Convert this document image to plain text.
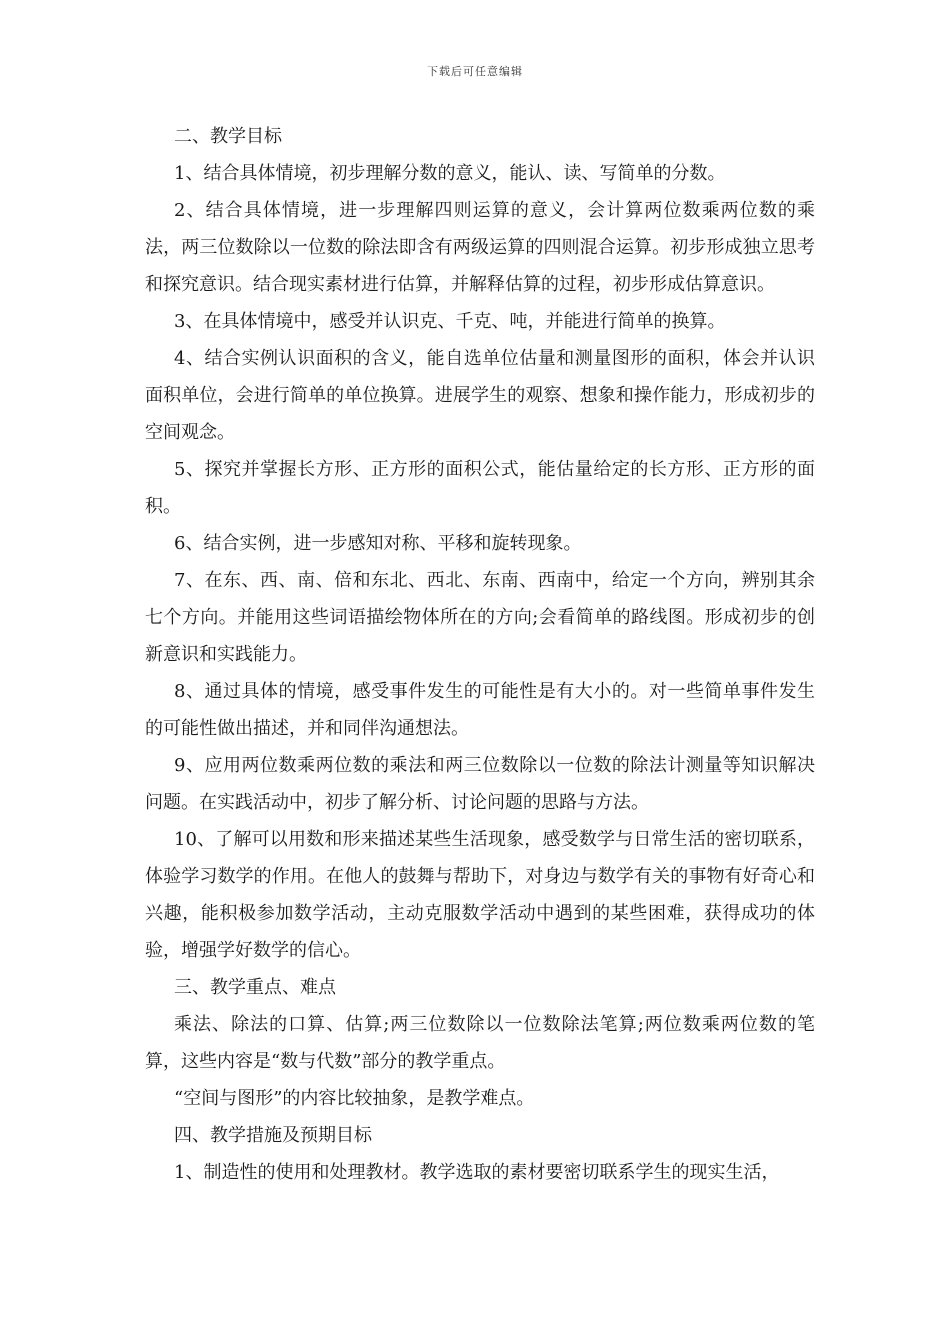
下载后可任意编辑

二、教学目标

1、结合具体情境，初步理解分数的意义，能认、读、写简单的分数。

2、结合具体情境，进一步理解四则运算的意义，会计算两位数乘两位数的乘法，两三位数除以一位数的除法即含有两级运算的四则混合运算。初步形成独立思考和探究意识。结合现实素材进行估算，并解释估算的过程，初步形成估算意识。

3、在具体情境中，感受并认识克、千克、吨，并能进行简单的换算。

4、结合实例认识面积的含义，能自选单位估量和测量图形的面积，体会并认识面积单位，会进行简单的单位换算。进展学生的观察、想象和操作能力，形成初步的空间观念。

5、探究并掌握长方形、正方形的面积公式，能估量给定的长方形、正方形的面积。

6、结合实例，进一步感知对称、平移和旋转现象。

7、在东、西、南、倍和东北、西北、东南、西南中，给定一个方向，辨别其余七个方向。并能用这些词语描绘物体所在的方向;会看简单的路线图。形成初步的创新意识和实践能力。

8、通过具体的情境，感受事件发生的可能性是有大小的。对一些简单事件发生的可能性做出描述，并和同伴沟通想法。

9、应用两位数乘两位数的乘法和两三位数除以一位数的除法计测量等知识解决问题。在实践活动中，初步了解分析、讨论问题的思路与方法。

10、了解可以用数和形来描述某些生活现象，感受数学与日常生活的密切联系，体验学习数学的作用。在他人的鼓舞与帮助下，对身边与数学有关的事物有好奇心和兴趣，能积极参加数学活动，主动克服数学活动中遇到的某些困难，获得成功的体验，增强学好数学的信心。

三、教学重点、难点

乘法、除法的口算、估算;两三位数除以一位数除法笔算;两位数乘两位数的笔算，这些内容是“数与代数”部分的教学重点。

“空间与图形”的内容比较抽象，是教学难点。

四、教学措施及预期目标

1、制造性的使用和处理教材。教学选取的素材要密切联系学生的现实生活，
